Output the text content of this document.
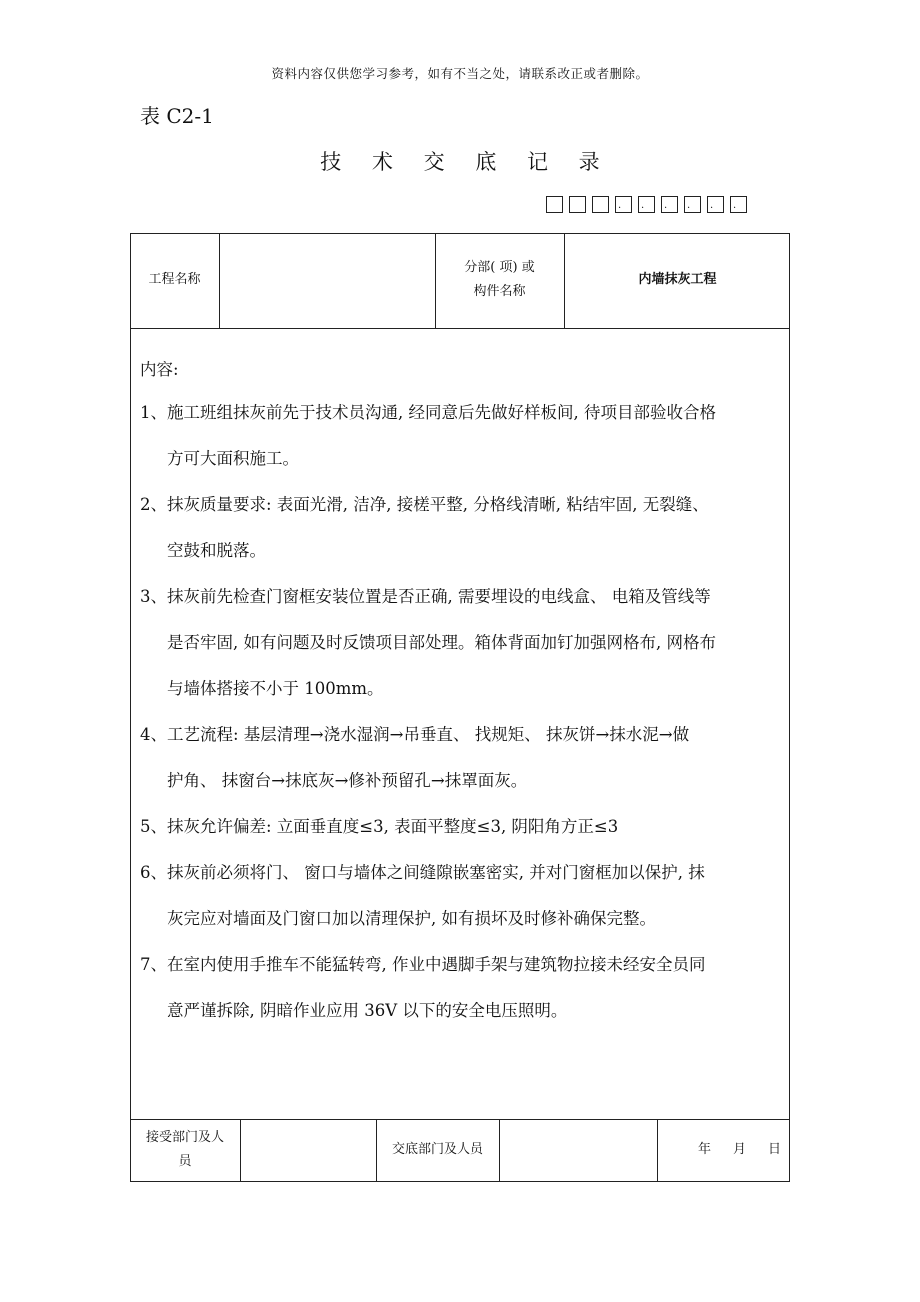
资料内容仅供您学习参考，如有不当之处，请联系改正或者删除。
表 C2-1
技 术 交 底 记 录
. . . . . .
工程名称
分部( 项) 或
构件名称
内墙抹灰工程
内容:
1、施工班组抹灰前先于技术员沟通, 经同意后先做好样板间, 待项目部验收合格
方可大面积施工。
2、抹灰质量要求: 表面光滑, 洁净, 接槎平整, 分格线清晰, 粘结牢固, 无裂缝、
空鼓和脱落。
3、抹灰前先检查门窗框安装位置是否正确, 需要埋设的电线盒、 电箱及管线等
是否牢固, 如有问题及时反馈项目部处理。箱体背面加钉加强网格布, 网格布
与墙体搭接不小于 100mm。
4、工艺流程: 基层清理→浇水湿润→吊垂直、 找规矩、 抹灰饼→抹水泥→做
护角、 抹窗台→抹底灰→修补预留孔→抹罩面灰。
5、抹灰允许偏差: 立面垂直度≤3, 表面平整度≤3, 阴阳角方正≤3
6、抹灰前必须将门、 窗口与墙体之间缝隙嵌塞密实, 并对门窗框加以保护, 抹
灰完应对墙面及门窗口加以清理保护, 如有损坏及时修补确保完整。
7、在室内使用手推车不能猛转弯, 作业中遇脚手架与建筑物拉接未经安全员同
意严谨拆除, 阴暗作业应用 36V 以下的安全电压照明。
接受部门及人
员
交底部门及人员	年 月 日
